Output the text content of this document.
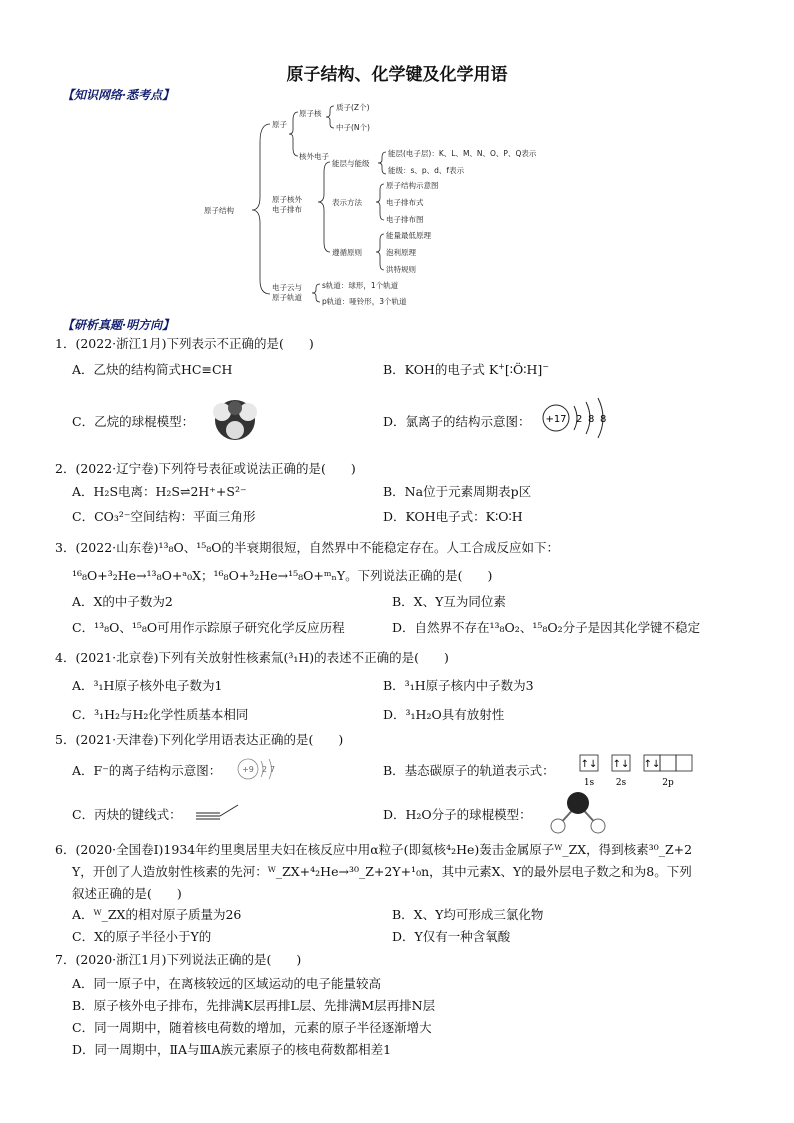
原子结构、化学键及化学用语
【知识网络·悉考点】
原子结构
原子
原子核外
电子排布
电子云与
原子轨道
原子核
核外电子
质子(Z个)
中子(N个)
能层与能级
表示方法
遵循原则
能层(电子层)：K、L、M、N、O、P、Q表示
能级：s、p、d、f表示
原子结构示意图
电子排布式
电子排布图
能量最低原理
泡利原理
洪特规则
s轨道：球形，1个轨道
p轨道：哑铃形，3个轨道
【研析真题·明方向】
1．(2022·浙江1月)下列表示不正确的是(　　)
A．乙炔的结构简式HC≡CH	B．KOH的电子式 K+[∶Ö∶H]−
C．乙烷的球棍模型：	D．氯离子的结构示意图： +17 2 8 8
2．(2022·辽宁卷)下列符号表征或说法正确的是(　　)
A．H₂S电离：H₂S⇌2H⁺+S²⁻	B．Na位于元素周期表p区
C．CO₃²⁻空间结构：平面三角形	D．KOH电子式：K∶O∶H
3．(2022·山东卷)¹³₈O、¹⁵₈O的半衰期很短，自然界中不能稳定存在。人工合成反应如下：
¹⁶₈O+³₂He→¹³₈O+ᵃ₀X；¹⁶₈O+³₂He→¹⁵₈O+ᵐₙY。下列说法正确的是(　　)
A．X的中子数为2	B．X、Y互为同位素
C．¹³₈O、¹⁵₈O可用作示踪原子研究化学反应历程	D．自然界不存在¹³₈O₂、¹⁵₈O₂分子是因其化学键不稳定
4．(2021·北京卷)下列有关放射性核素氚(³₁H)的表述不正确的是(　　)
A．³₁H原子核外电子数为1	B．³₁H原子核内中子数为3
C．³₁H₂与H₂化学性质基本相同	D．³₁H₂O具有放射性
5．(2021·天津卷)下列化学用语表达正确的是(　　)
A．F⁻的离子结构示意图：	+9 2 7	B．基态碳原子的轨道表示式：	↑↓ ↑↓ ↑↓
1s 2s	2p
C．丙炔的键线式：	D．H₂O分子的球棍模型：
6．(2020·全国卷Ⅰ)1934年约里奥居里夫妇在核反应中用α粒子(即氦核⁴₂He)轰击金属原子ᵂ_ZX，得到核素³⁰_Z+2
Y，开创了人造放射性核素的先河：ᵂ_ZX+⁴₂He→³⁰_Z+2Y+¹₀n，其中元素X、Y的最外层电子数之和为8。下列
叙述正确的是(　　)
A．ᵂ_ZX的相对原子质量为26	B．X、Y均可形成三氯化物
C．X的原子半径小于Y的	D．Y仅有一种含氧酸
7．(2020·浙江1月)下列说法正确的是(　　)
A．同一原子中，在离核较远的区域运动的电子能量较高
B．原子核外电子排布，先排满K层再排L层、先排满M层再排N层
C．同一周期中，随着核电荷数的增加，元素的原子半径逐渐增大
D．同一周期中，ⅡA与ⅢA族元素原子的核电荷数都相差1
